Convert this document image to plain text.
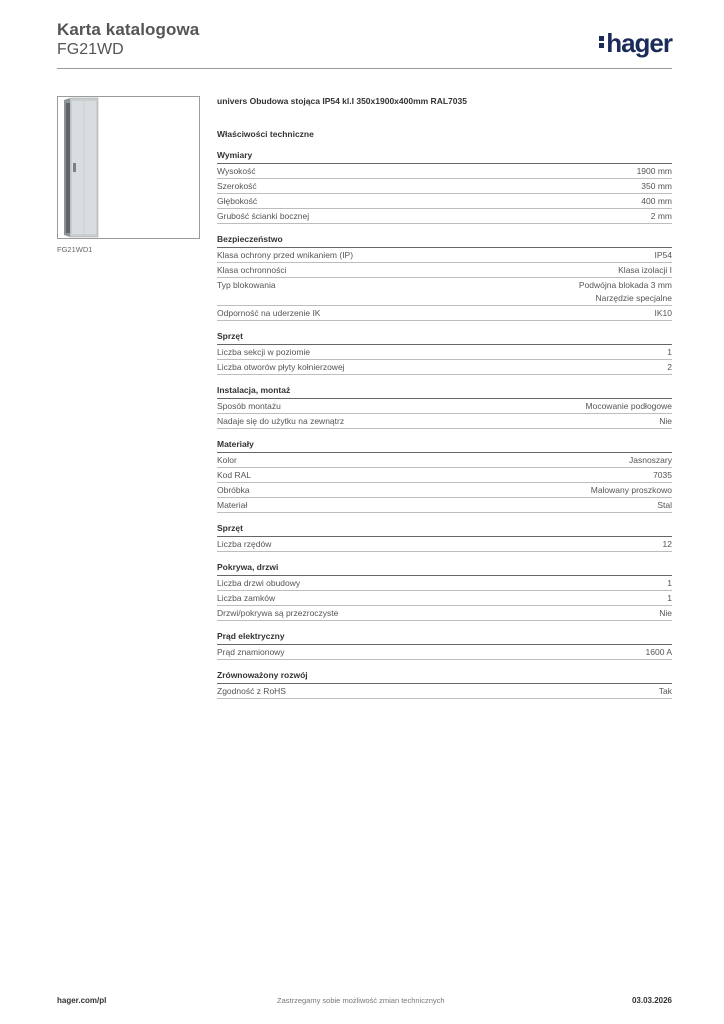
Karta katalogowa
FG21WD	hager
FG21WD1
univers Obudowa stojąca IP54 kl.I 350x1900x400mm RAL7035
Właściwości techniczne
Wymiary
Wysokość	1900 mm
Szerokość	350 mm
Głębokość	400 mm
Grubość ścianki bocznej	2 mm
Bezpieczeństwo
Klasa ochrony przed wnikaniem (IP)	IP54
Klasa ochronności	Klasa izolacji I
Typ blokowania	Podwójna blokada 3 mm
Narzędzie specjalne
Odporność na uderzenie IK	IK10
Sprzęt
Liczba sekcji w poziomie	1
Liczba otworów płyty kołnierzowej	2
Instalacja, montaż
Sposób montażu	Mocowanie podłogowe
Nadaje się do użytku na zewnątrz	Nie
Materiały
Kolor	Jasnoszary
Kod RAL	7035
Obróbka	Malowany proszkowo
Materiał	Stal
Sprzęt
Liczba rzędów	12
Pokrywa, drzwi
Liczba drzwi obudowy	1
Liczba zamków	1
Drzwi/pokrywa są przezroczyste	Nie
Prąd elektryczny
Prąd znamionowy	1600 A
Zrównoważony rozwój
Zgodność z RoHS	Tak
hager.com/pl	Zastrzegamy sobie możliwość zmian technicznych	03.03.2026
